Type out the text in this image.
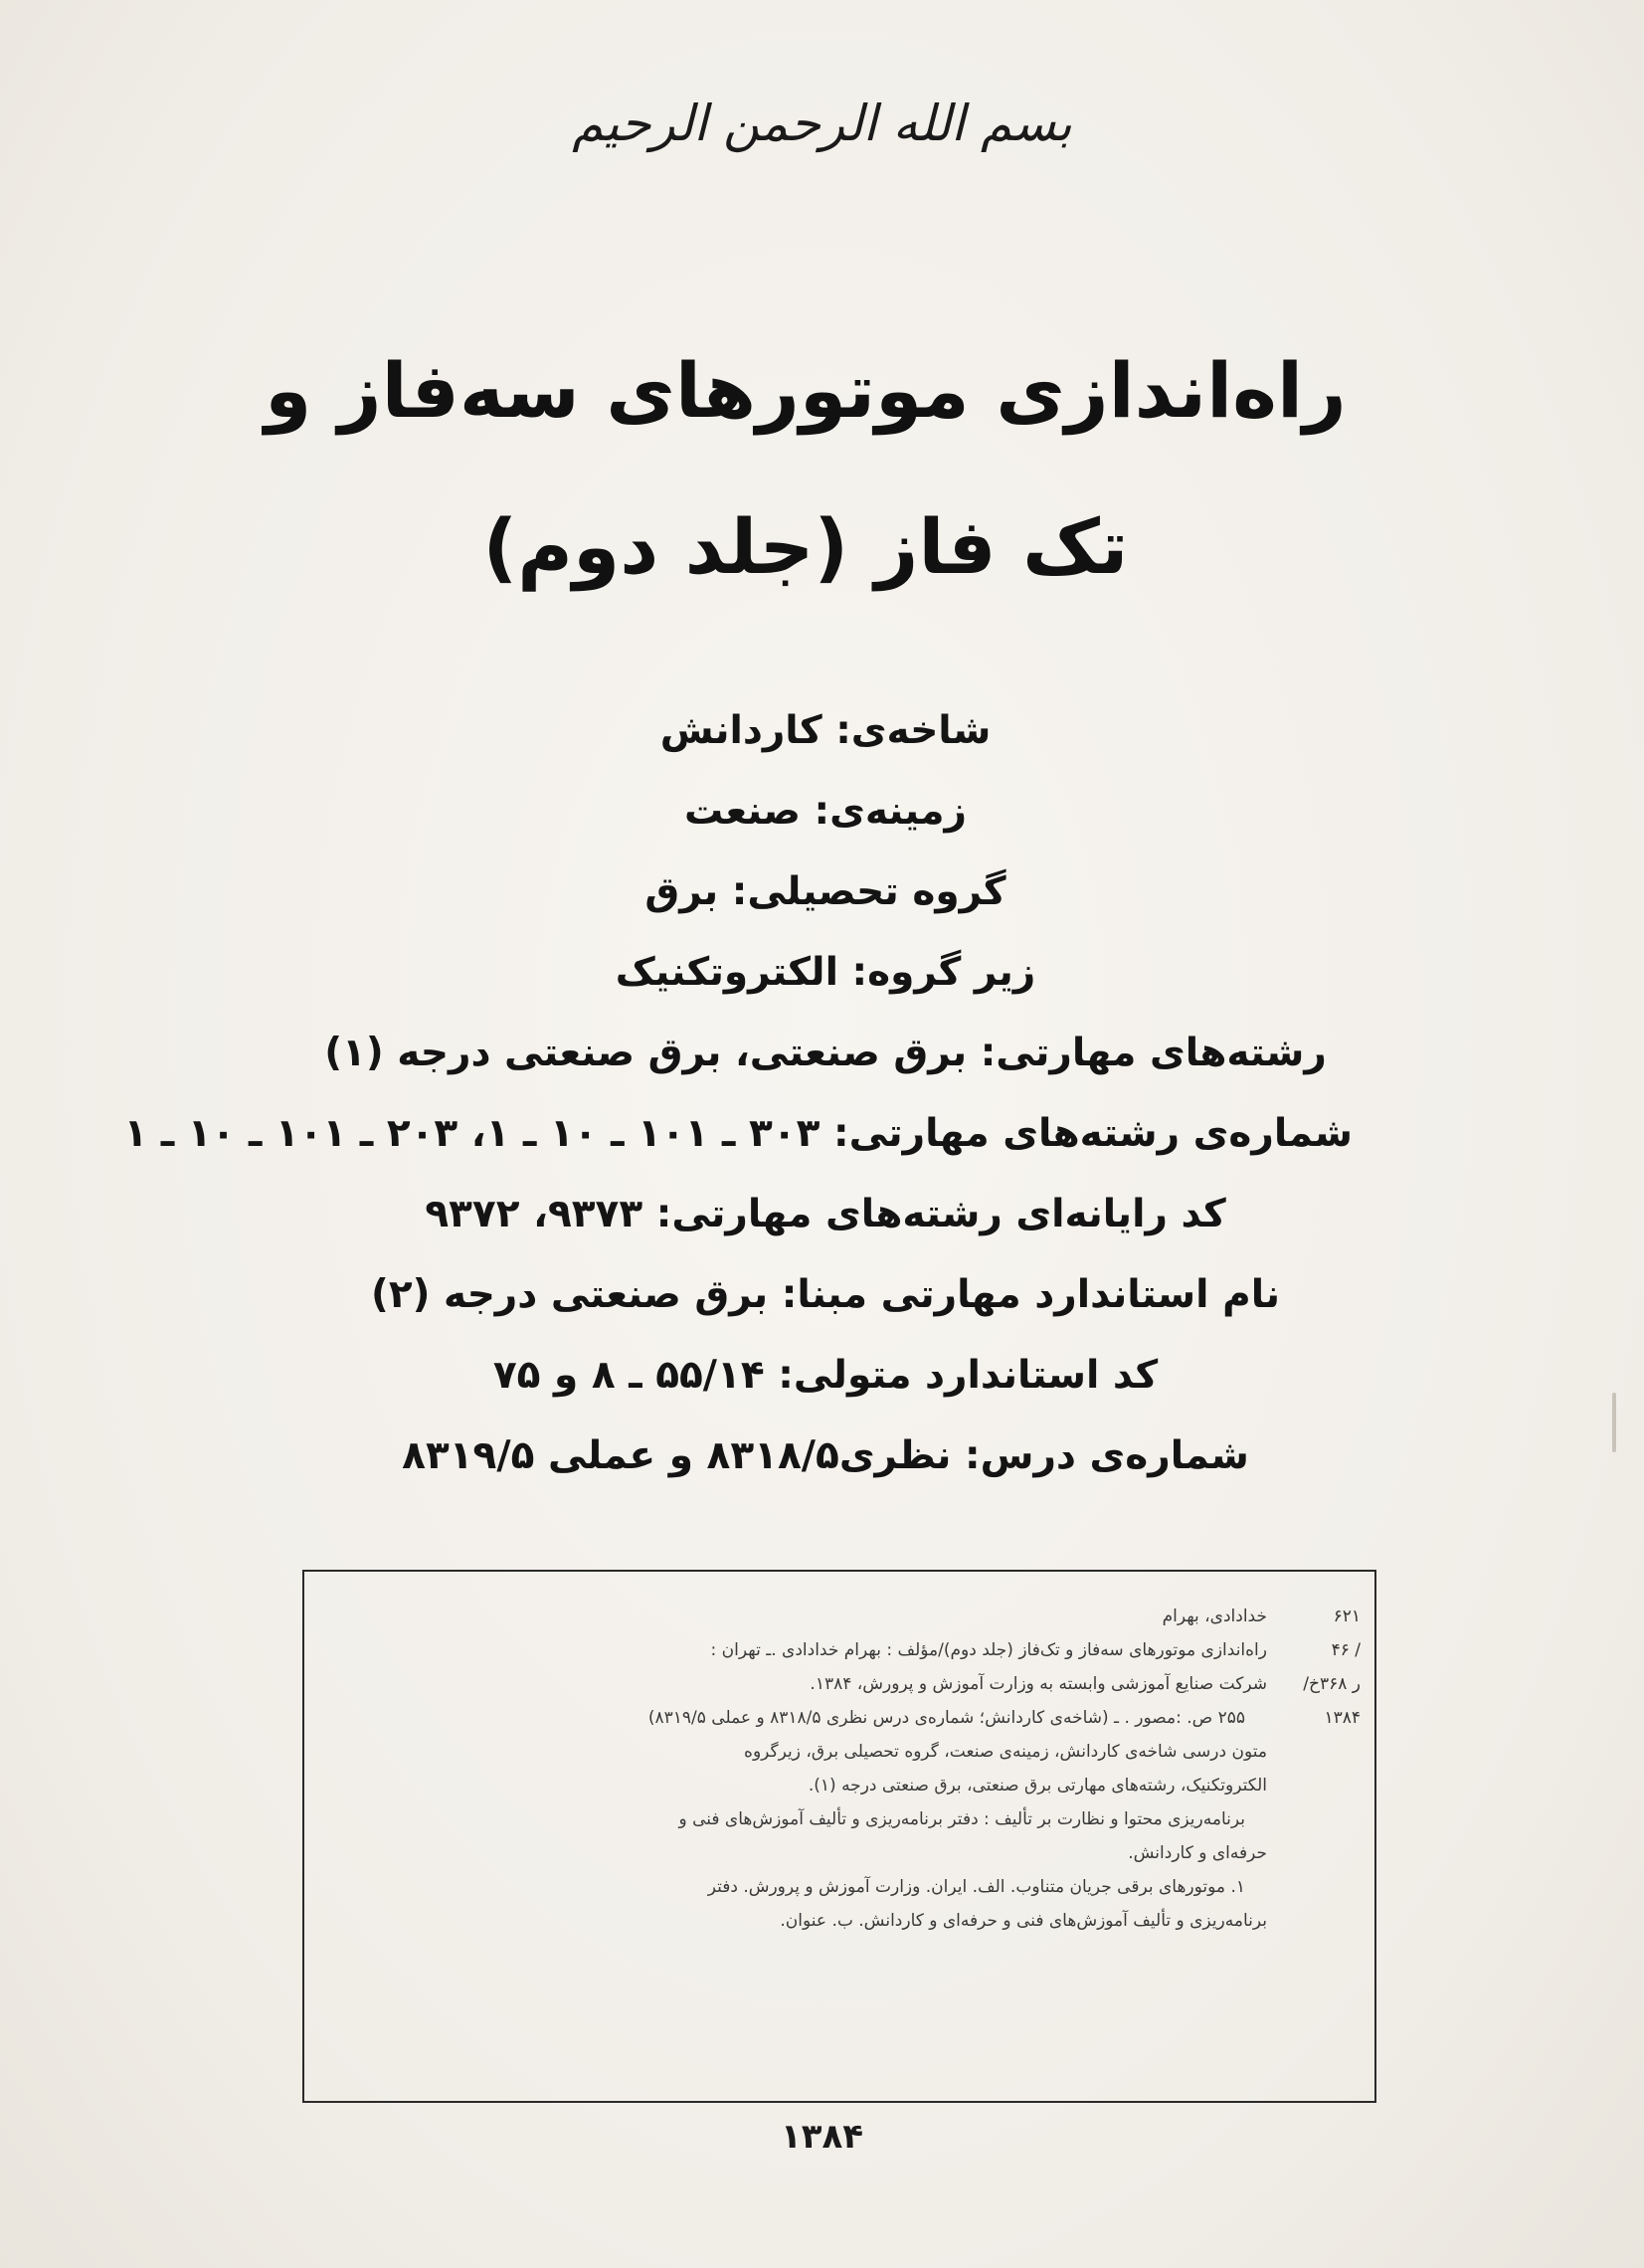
بسم الله الرحمن الرحیم
راه‌اندازی موتورهای سه‌فاز و
تک فاز (جلد دوم)
شاخه‌ی: کاردانش
زمینه‌ی: صنعت
گروه تحصیلی: برق
زیر گروه: الکتروتکنیک
رشته‌های مهارتی: برق صنعتی، برق صنعتی درجه (۱)
شماره‌ی رشته‌های مهارتی: ۳۰۳ ـ ۱۰۱ ـ ۱۰ ـ ۱، ۲۰۳ ـ ۱۰۱ ـ ۱۰ ـ ۱
کد رایانه‌ای رشته‌های مهارتی: ۹۳۷۳، ۹۳۷۲
نام استاندارد مهارتی مبنا: برق صنعتی درجه (۲)
کد استاندارد متولی: ۵۵/۱۴ ـ ۸ و ۷۵
شماره‌ی درس: نظری۸۳۱۸/۵ و عملی ۸۳۱۹/۵
۶۲۱
/ ۴۶
ر ۳۶۸خ/
۱۳۸۴
خدادادی، بهرام
راه‌اندازی موتورهای سه‌فاز و تک‌فاز (جلد دوم)/مؤلف : بهرام خدادادی .ـ تهران :
شرکت صنایع آموزشی وابسته به وزارت آموزش و پرورش، ۱۳۸۴.
۲۵۵ ص. :مصور . ـ (شاخه‌ی کاردانش؛ شماره‌ی درس نظری ۸۳۱۸/۵ و عملی ۸۳۱۹/۵)
متون درسی شاخه‌ی کاردانش، زمینه‌ی صنعت، گروه تحصیلی برق، زیرگروه
الکتروتکنیک، رشته‌های مهارتی برق صنعتی، برق صنعتی درجه (۱).
برنامه‌ریزی محتوا و نظارت بر تألیف : دفتر برنامه‌ریزی و تألیف آموزش‌های فنی و
حرفه‌ای و کاردانش.
۱. موتورهای برقی جریان متناوب. الف. ایران. وزارت آموزش و پرورش. دفتر
برنامه‌ریزی و تألیف آموزش‌های فنی و حرفه‌ای و کاردانش. ب. عنوان.
۱۳۸۴
